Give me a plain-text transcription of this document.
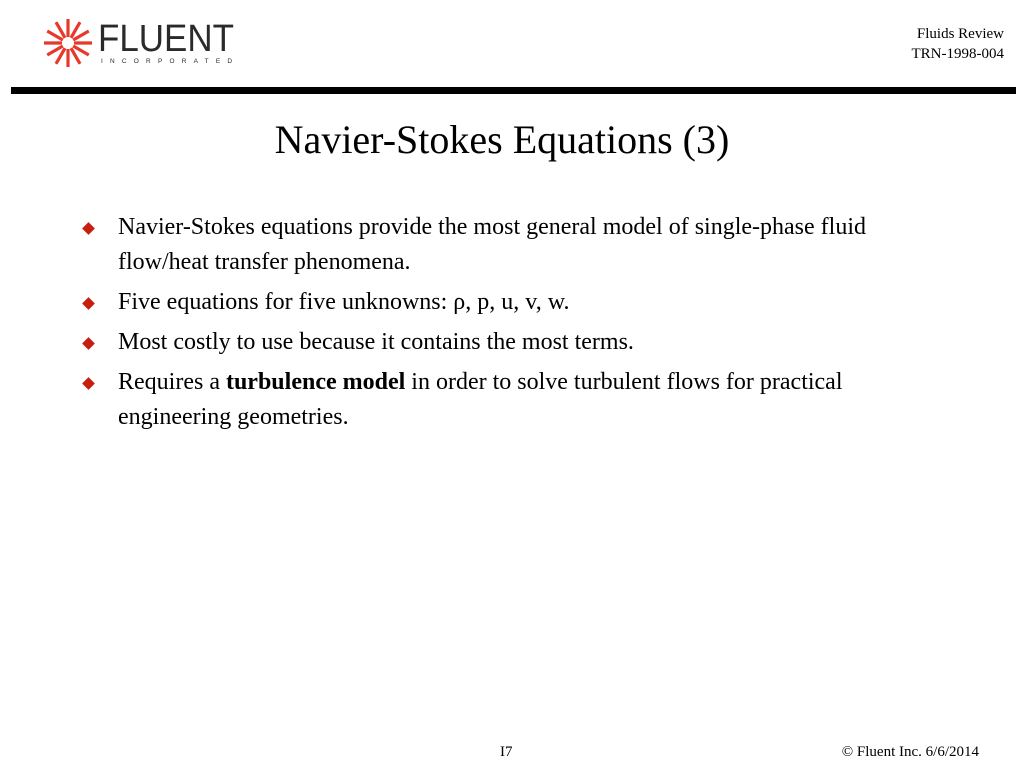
FLUENT
INCORPORATED
Fluids Review
TRN-1998-004
Navier-Stokes Equations (3)
Navier-Stokes equations provide the most general model of single-phase fluid flow/heat transfer phenomena.
Five equations for five unknowns: ρ, p, u, v, w.
Most costly to use because it contains the most terms.
Requires a turbulence model in order to solve turbulent flows for practical engineering geometries.
I7	© Fluent Inc. 6/6/2014
